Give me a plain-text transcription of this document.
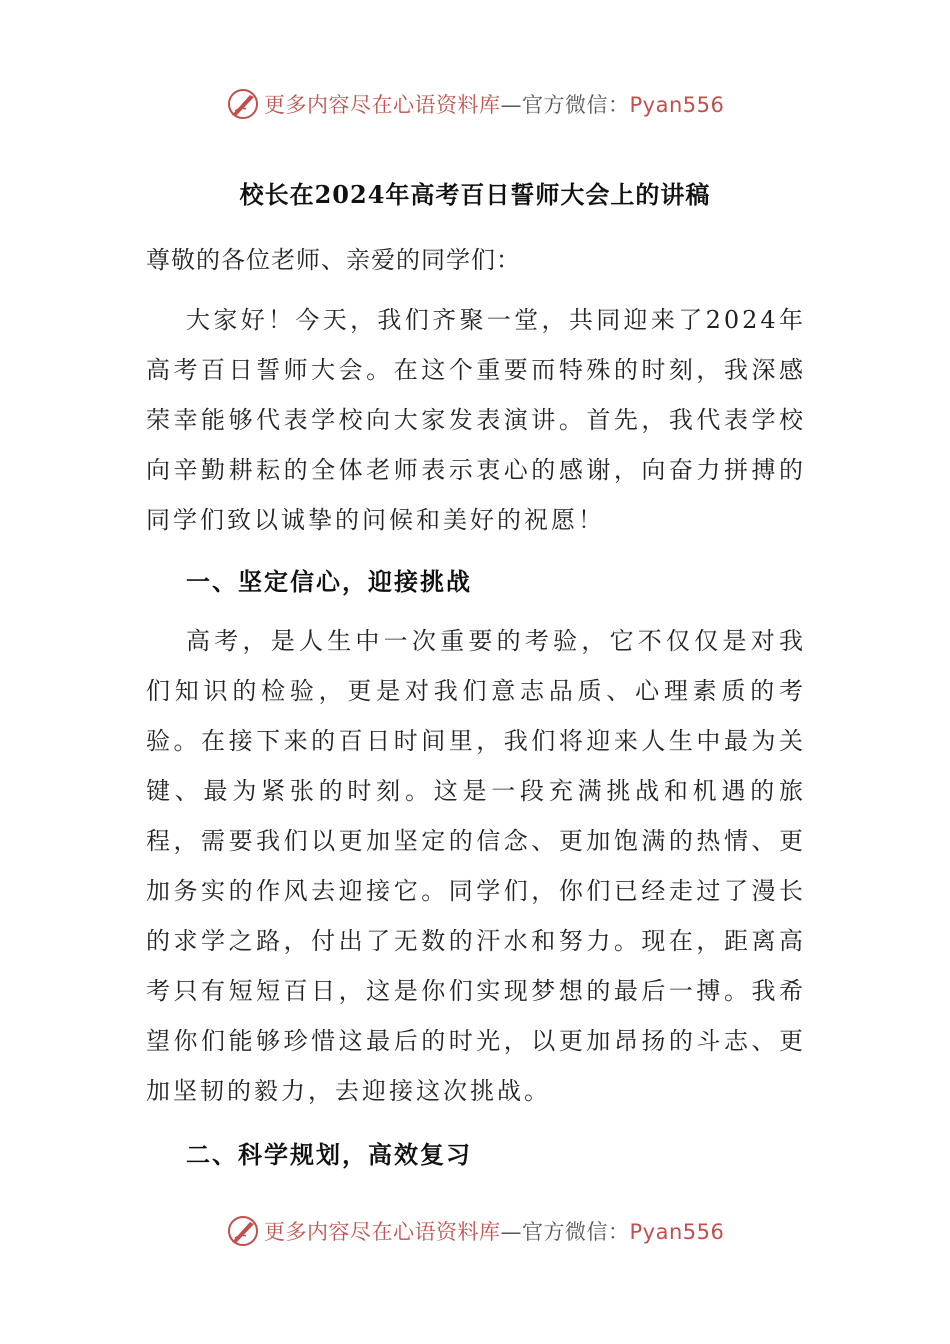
更多内容尽在心语资料库—官方微信：Pyan556
校长在2024年高考百日誓师大会上的讲稿
尊敬的各位老师、亲爱的同学们：

大家好！今天，我们齐聚一堂，共同迎来了2024年高考百日誓师大会。在这个重要而特殊的时刻，我深感荣幸能够代表学校向大家发表演讲。首先，我代表学校向辛勤耕耘的全体老师表示衷心的感谢，向奋力拼搏的同学们致以诚挚的问候和美好的祝愿！

一、坚定信心，迎接挑战

高考，是人生中一次重要的考验，它不仅仅是对我们知识的检验，更是对我们意志品质、心理素质的考验。在接下来的百日时间里，我们将迎来人生中最为关键、最为紧张的时刻。这是一段充满挑战和机遇的旅程，需要我们以更加坚定的信念、更加饱满的热情、更加务实的作风去迎接它。同学们，你们已经走过了漫长的求学之路，付出了无数的汗水和努力。现在，距离高考只有短短百日，这是你们实现梦想的最后一搏。我希望你们能够珍惜这最后的时光，以更加昂扬的斗志、更加坚韧的毅力，去迎接这次挑战。

二、科学规划，高效复习
更多内容尽在心语资料库—官方微信：Pyan556
